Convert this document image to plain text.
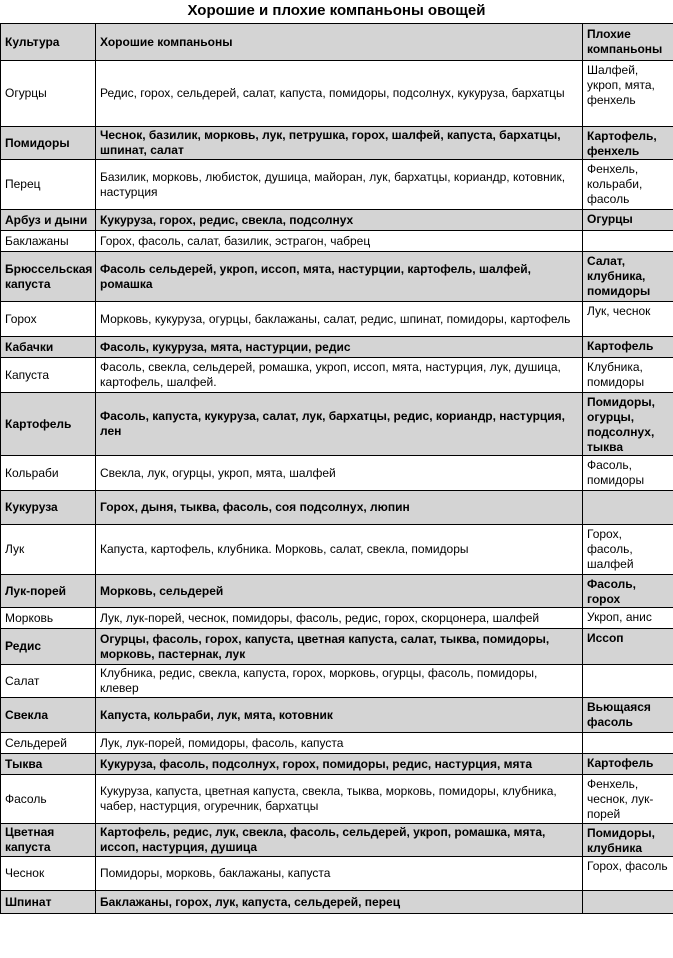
Хорошие и плохие компаньоны овощей
Культура	Хорошие компаньоны	Плохие компаньоны
Огурцы	Редис, горох, сельдерей, салат, капуста, помидоры, подсолнух, кукуруза, бархатцы	Шалфей, укроп, мята, фенхель
Помидоры	Чеснок, базилик, морковь, лук, петрушка, горох, шалфей, капуста, бархатцы, шпинат, салат	Картофель, фенхель
Перец	Базилик, морковь, любисток, душица, майоран, лук, бархатцы, кориандр, котовник, настурция	Фенхель, кольраби, фасоль
Арбуз и дыни	Кукуруза, горох, редис, свекла, подсолнух	Огурцы
Баклажаны	Горох, фасоль, салат, базилик, эстрагон, чабрец	
Брюссельская капуста	Фасоль сельдерей, укроп, иссоп, мята, настурции, картофель, шалфей, ромашка	Салат, клубника, помидоры
Горох	Морковь, кукуруза, огурцы, баклажаны, салат, редис, шпинат, помидоры, картофель	Лук, чеснок
Кабачки	Фасоль, кукуруза, мята, настурции, редис	Картофель
Капуста	Фасоль, свекла, сельдерей, ромашка, укроп, иссоп, мята, настурция, лук, душица, картофель, шалфей.	Клубника, помидоры
Картофель	Фасоль, капуста, кукуруза, салат, лук, бархатцы, редис, кориандр, настурция, лен	Помидоры, огурцы, подсолнух, тыква
Кольраби	Свекла, лук, огурцы, укроп, мята, шалфей	Фасоль, помидоры
Кукуруза	Горох, дыня, тыква, фасоль, соя подсолнух, люпин	
Лук	Капуста, картофель, клубника. Морковь, салат, свекла, помидоры	Горох, фасоль, шалфей
Лук-порей	Морковь, сельдерей	Фасоль, горох
Морковь	Лук, лук-порей, чеснок, помидоры, фасоль, редис, горох, скорцонера, шалфей	Укроп, анис
Редис	Огурцы, фасоль, горох, капуста, цветная капуста, салат, тыква, помидоры, морковь, пастернак, лук	Иссоп
Салат	Клубника, редис, свекла, капуста, горох, морковь, огурцы, фасоль, помидоры, клевер	
Свекла	Капуста, кольраби, лук, мята, котовник	Вьющаяся фасоль
Сельдерей	Лук, лук-порей, помидоры, фасоль, капуста	
Тыква	Кукуруза, фасоль, подсолнух, горох, помидоры, редис, настурция, мята	Картофель
Фасоль	Кукуруза, капуста, цветная капуста, свекла, тыква, морковь, помидоры, клубника, чабер, настурция, огуречник, бархатцы	Фенхель, чеснок, лук-порей
Цветная капуста	Картофель, редис, лук, свекла, фасоль, сельдерей, укроп, ромашка, мята, иссоп, настурция, душица	Помидоры, клубника
Чеснок	Помидоры, морковь, баклажаны, капуста	Горох, фасоль
Шпинат	Баклажаны, горох, лук, капуста, сельдерей, перец	
